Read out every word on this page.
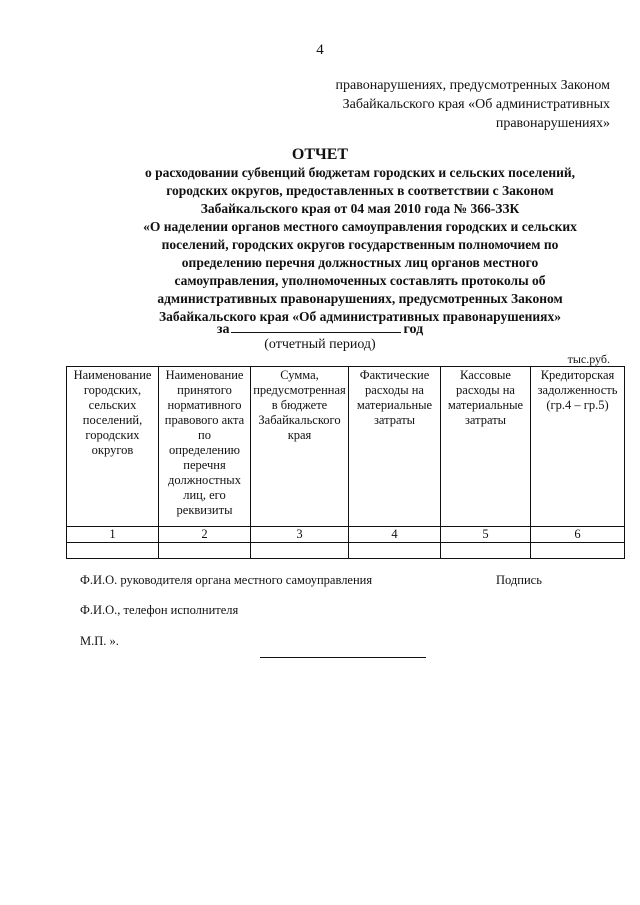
4
правонарушениях, предусмотренных Законом
Забайкальского края «Об административных
правонарушениях»
ОТЧЕТ
о расходовании субвенций бюджетам городских и сельских поселений,
городских округов, предоставленных в соответствии с Законом
Забайкальского края от 04 мая 2010 года № 366-ЗЗК
«О наделении органов местного самоуправления городских и сельских
поселений, городских округов государственным полномочием по
определению перечня должностных лиц органов местного
самоуправления, уполномоченных составлять протоколы об
административных правонарушениях, предусмотренных Законом
Забайкальского края «Об административных правонарушениях»
за	год
(отчетный период)
тыс.руб.
Наименование городских, сельских поселений, городских округов	Наименование принятого нормативного правового акта по определению перечня должностных лиц, его реквизиты	Сумма, предусмотренная в бюджете Забайкальского края	Фактические расходы на материальные затраты	Кассовые расходы на материальные затраты	Кредиторская задолженность (гр.4 – гр.5)
1	2	3	4	5	6

Ф.И.О. руководителя органа местного самоуправления	Подпись
Ф.И.О., телефон исполнителя
М.П. ».
